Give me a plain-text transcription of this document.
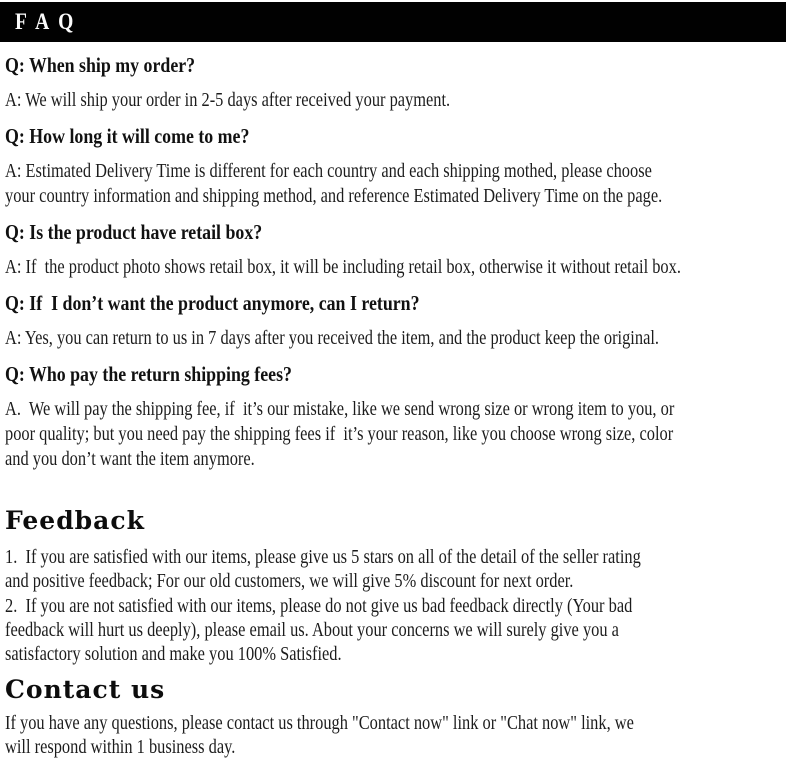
F A Q
Q: When ship my order?
A: We will ship your order in 2-5 days after received your payment.
Q: How long it will come to me?
A: Estimated Delivery Time is different for each country and each shipping mothed, please choose
your country information and shipping method, and reference Estimated Delivery Time on the page.
Q: Is the product have retail box?
A: If  the product photo shows retail box, it will be including retail box, otherwise it without retail box.
Q: If  I don’t want the product anymore, can I return?
A: Yes, you can return to us in 7 days after you received the item, and the product keep the original.
Q: Who pay the return shipping fees?
A.  We will pay the shipping fee, if  it’s our mistake, like we send wrong size or wrong item to you, or
poor quality; but you need pay the shipping fees if  it’s your reason, like you choose wrong size, color
and you don’t want the item anymore.
Feedback
1.  If you are satisfied with our items, please give us 5 stars on all of the detail of the seller rating
and positive feedback; For our old customers, we will give 5% discount for next order.
2.  If you are not satisfied with our items, please do not give us bad feedback directly (Your bad
feedback will hurt us deeply), please email us. About your concerns we will surely give you a
satisfactory solution and make you 100% Satisfied.
Contact us
If you have any questions, please contact us through "Contact now" link or "Chat now" link, we
will respond within 1 business day.
